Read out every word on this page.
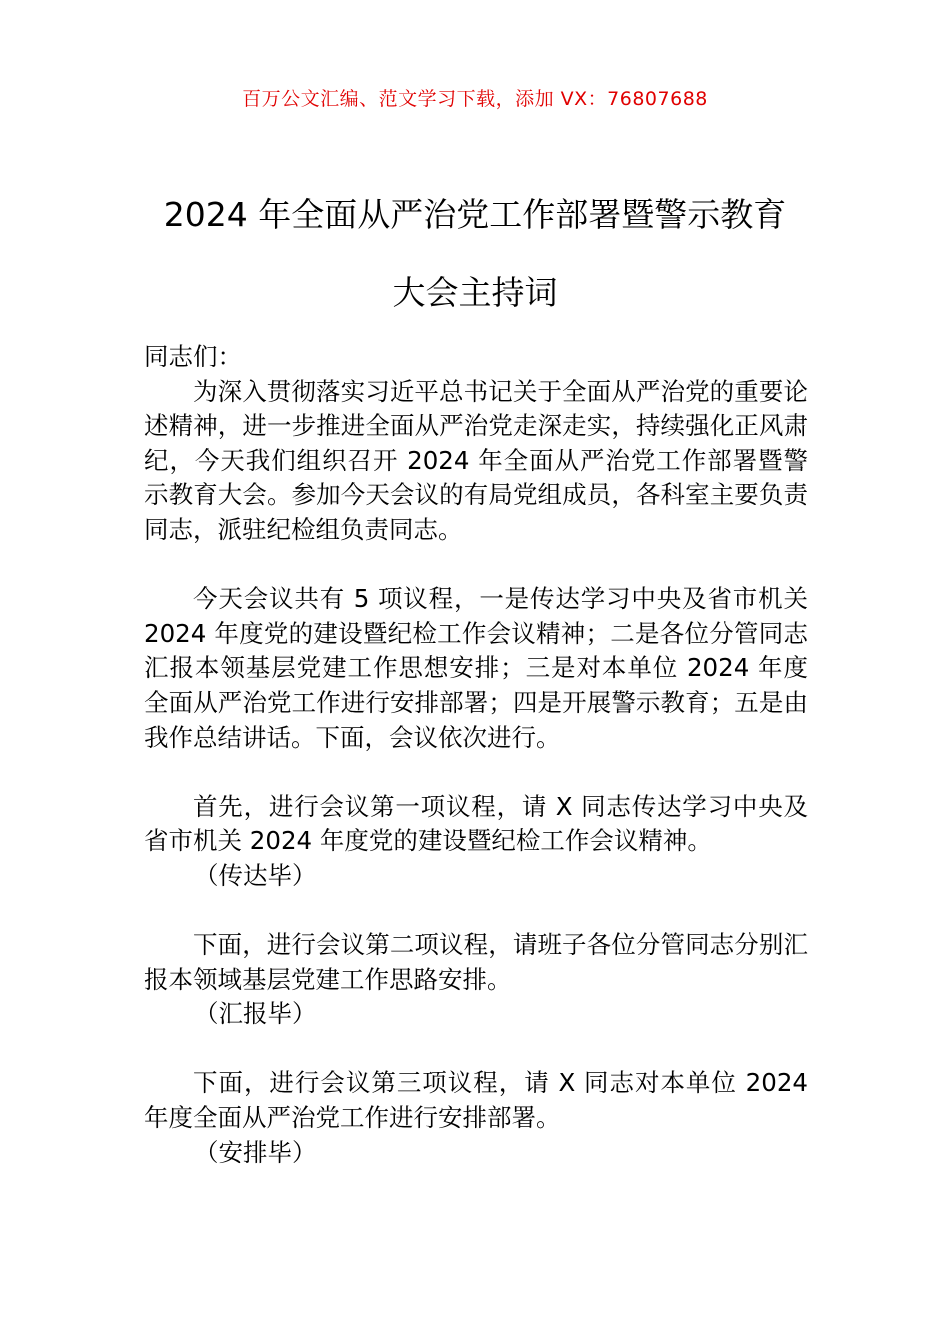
百万公文汇编、范文学习下载，添加 VX：76807688
2024 年全面从严治党工作部署暨警示教育
大会主持词

同志们：

为深入贯彻落实习近平总书记关于全面从严治党的重要论述精神，进一步推进全面从严治党走深走实，持续强化正风肃纪，今天我们组织召开 2024 年全面从严治党工作部署暨警示教育大会。参加今天会议的有局党组成员，各科室主要负责同志，派驻纪检组负责同志。

今天会议共有 5 项议程，一是传达学习中央及省市机关 2024 年度党的建设暨纪检工作会议精神；二是各位分管同志汇报本领基层党建工作思想安排；三是对本单位 2024 年度全面从严治党工作进行安排部署；四是开展警示教育；五是由我作总结讲话。下面，会议依次进行。

首先，进行会议第一项议程，请 X 同志传达学习中央及省市机关 2024 年度党的建设暨纪检工作会议精神。

（传达毕）

下面，进行会议第二项议程，请班子各位分管同志分别汇报本领域基层党建工作思路安排。

（汇报毕）

下面，进行会议第三项议程，请 X 同志对本单位 2024 年度全面从严治党工作进行安排部署。

（安排毕）
